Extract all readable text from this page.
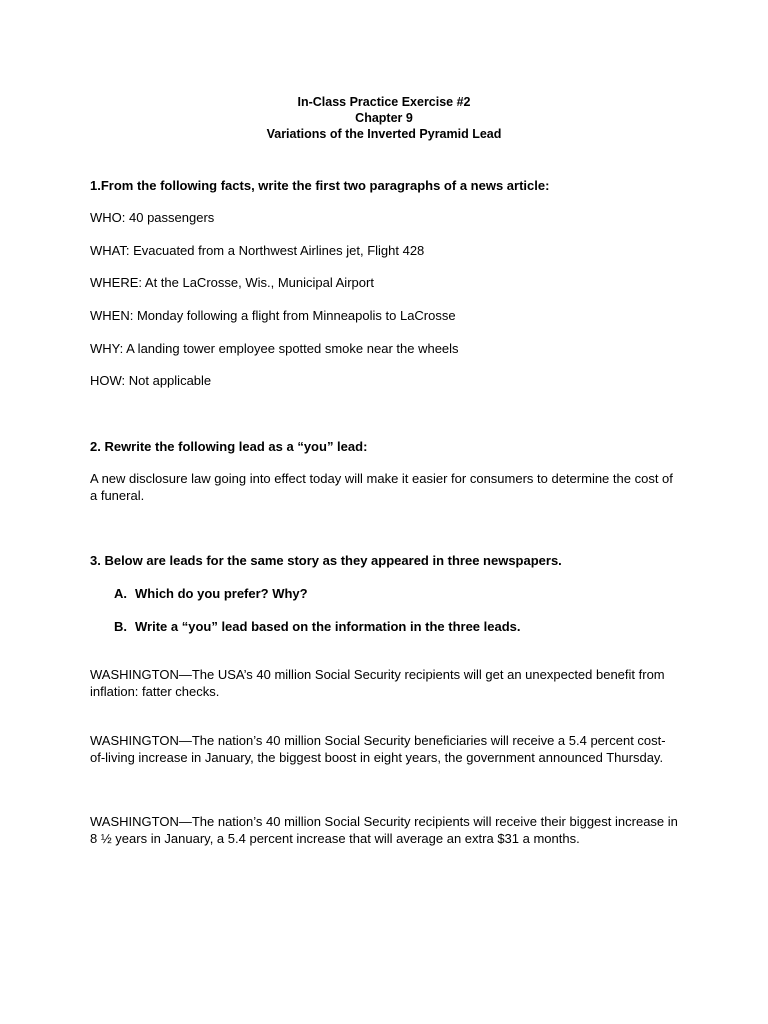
In-Class Practice Exercise #2
Chapter 9
Variations of the Inverted Pyramid Lead
1.From the following facts, write the first two paragraphs of a news article:
WHO: 40 passengers
WHAT: Evacuated from a Northwest Airlines jet, Flight 428
WHERE: At the LaCrosse, Wis., Municipal Airport
WHEN: Monday following a flight from Minneapolis to LaCrosse
WHY: A landing tower employee spotted smoke near the wheels
HOW: Not applicable
2. Rewrite the following lead as a “you” lead:
A new disclosure law going into effect today will make it easier for consumers to determine the cost of a funeral.
3. Below are leads for the same story as they appeared in three newspapers.
A. Which do you prefer? Why?
B. Write a “you” lead based on the information in the three leads.
WASHINGTON—The USA’s 40 million Social Security recipients will get an unexpected benefit from inflation: fatter checks.
WASHINGTON—The nation’s 40 million Social Security beneficiaries will receive a 5.4 percent cost-of-living increase in January, the biggest boost in eight years, the government announced Thursday.
WASHINGTON—The nation’s 40 million Social Security recipients will receive their biggest increase in 8 ½ years in January, a 5.4 percent increase that will average an extra $31 a months.
